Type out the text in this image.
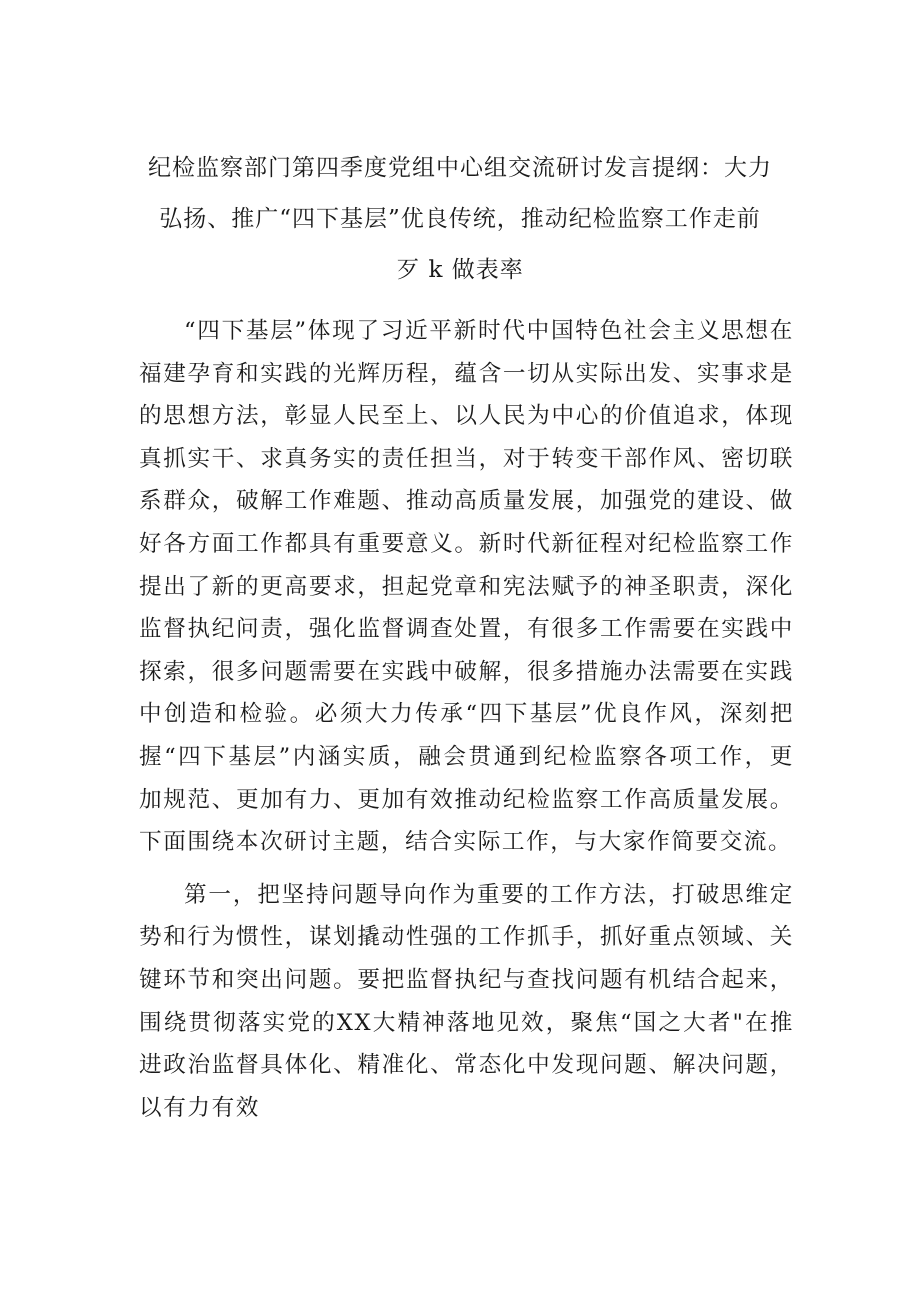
纪检监察部门第四季度党组中心组交流研讨发言提纲：大力
弘扬、推广“四下基层”优良传统，推动纪检监察工作走前
歹 k 做表率

“四下基层”体现了习近平新时代中国特色社会主义思想在福建孕育和实践的光辉历程，蕴含一切从实际出发、实事求是的思想方法，彰显人民至上、以人民为中心的价值追求，体现真抓实干、求真务实的责任担当，对于转变干部作风、密切联系群众，破解工作难题、推动高质量发展，加强党的建设、做好各方面工作都具有重要意义。新时代新征程对纪检监察工作提出了新的更高要求，担起党章和宪法赋予的神圣职责，深化监督执纪问责，强化监督调查处置，有很多工作需要在实践中探索，很多问题需要在实践中破解，很多措施办法需要在实践中创造和检验。必须大力传承“四下基层”优良作风，深刻把握“四下基层”内涵实质，融会贯通到纪检监察各项工作，更加规范、更加有力、更加有效推动纪检监察工作高质量发展。下面围绕本次研讨主题，结合实际工作，与大家作简要交流。

第一，把坚持问题导向作为重要的工作方法，打破思维定势和行为惯性，谋划撬动性强的工作抓手，抓好重点领域、关键环节和突出问题。要把监督执纪与查找问题有机结合起来，围绕贯彻落实党的XX大精神落地见效，聚焦“国之大者"在推进政治监督具体化、精准化、常态化中发现问题、解决问题，以有力有效
